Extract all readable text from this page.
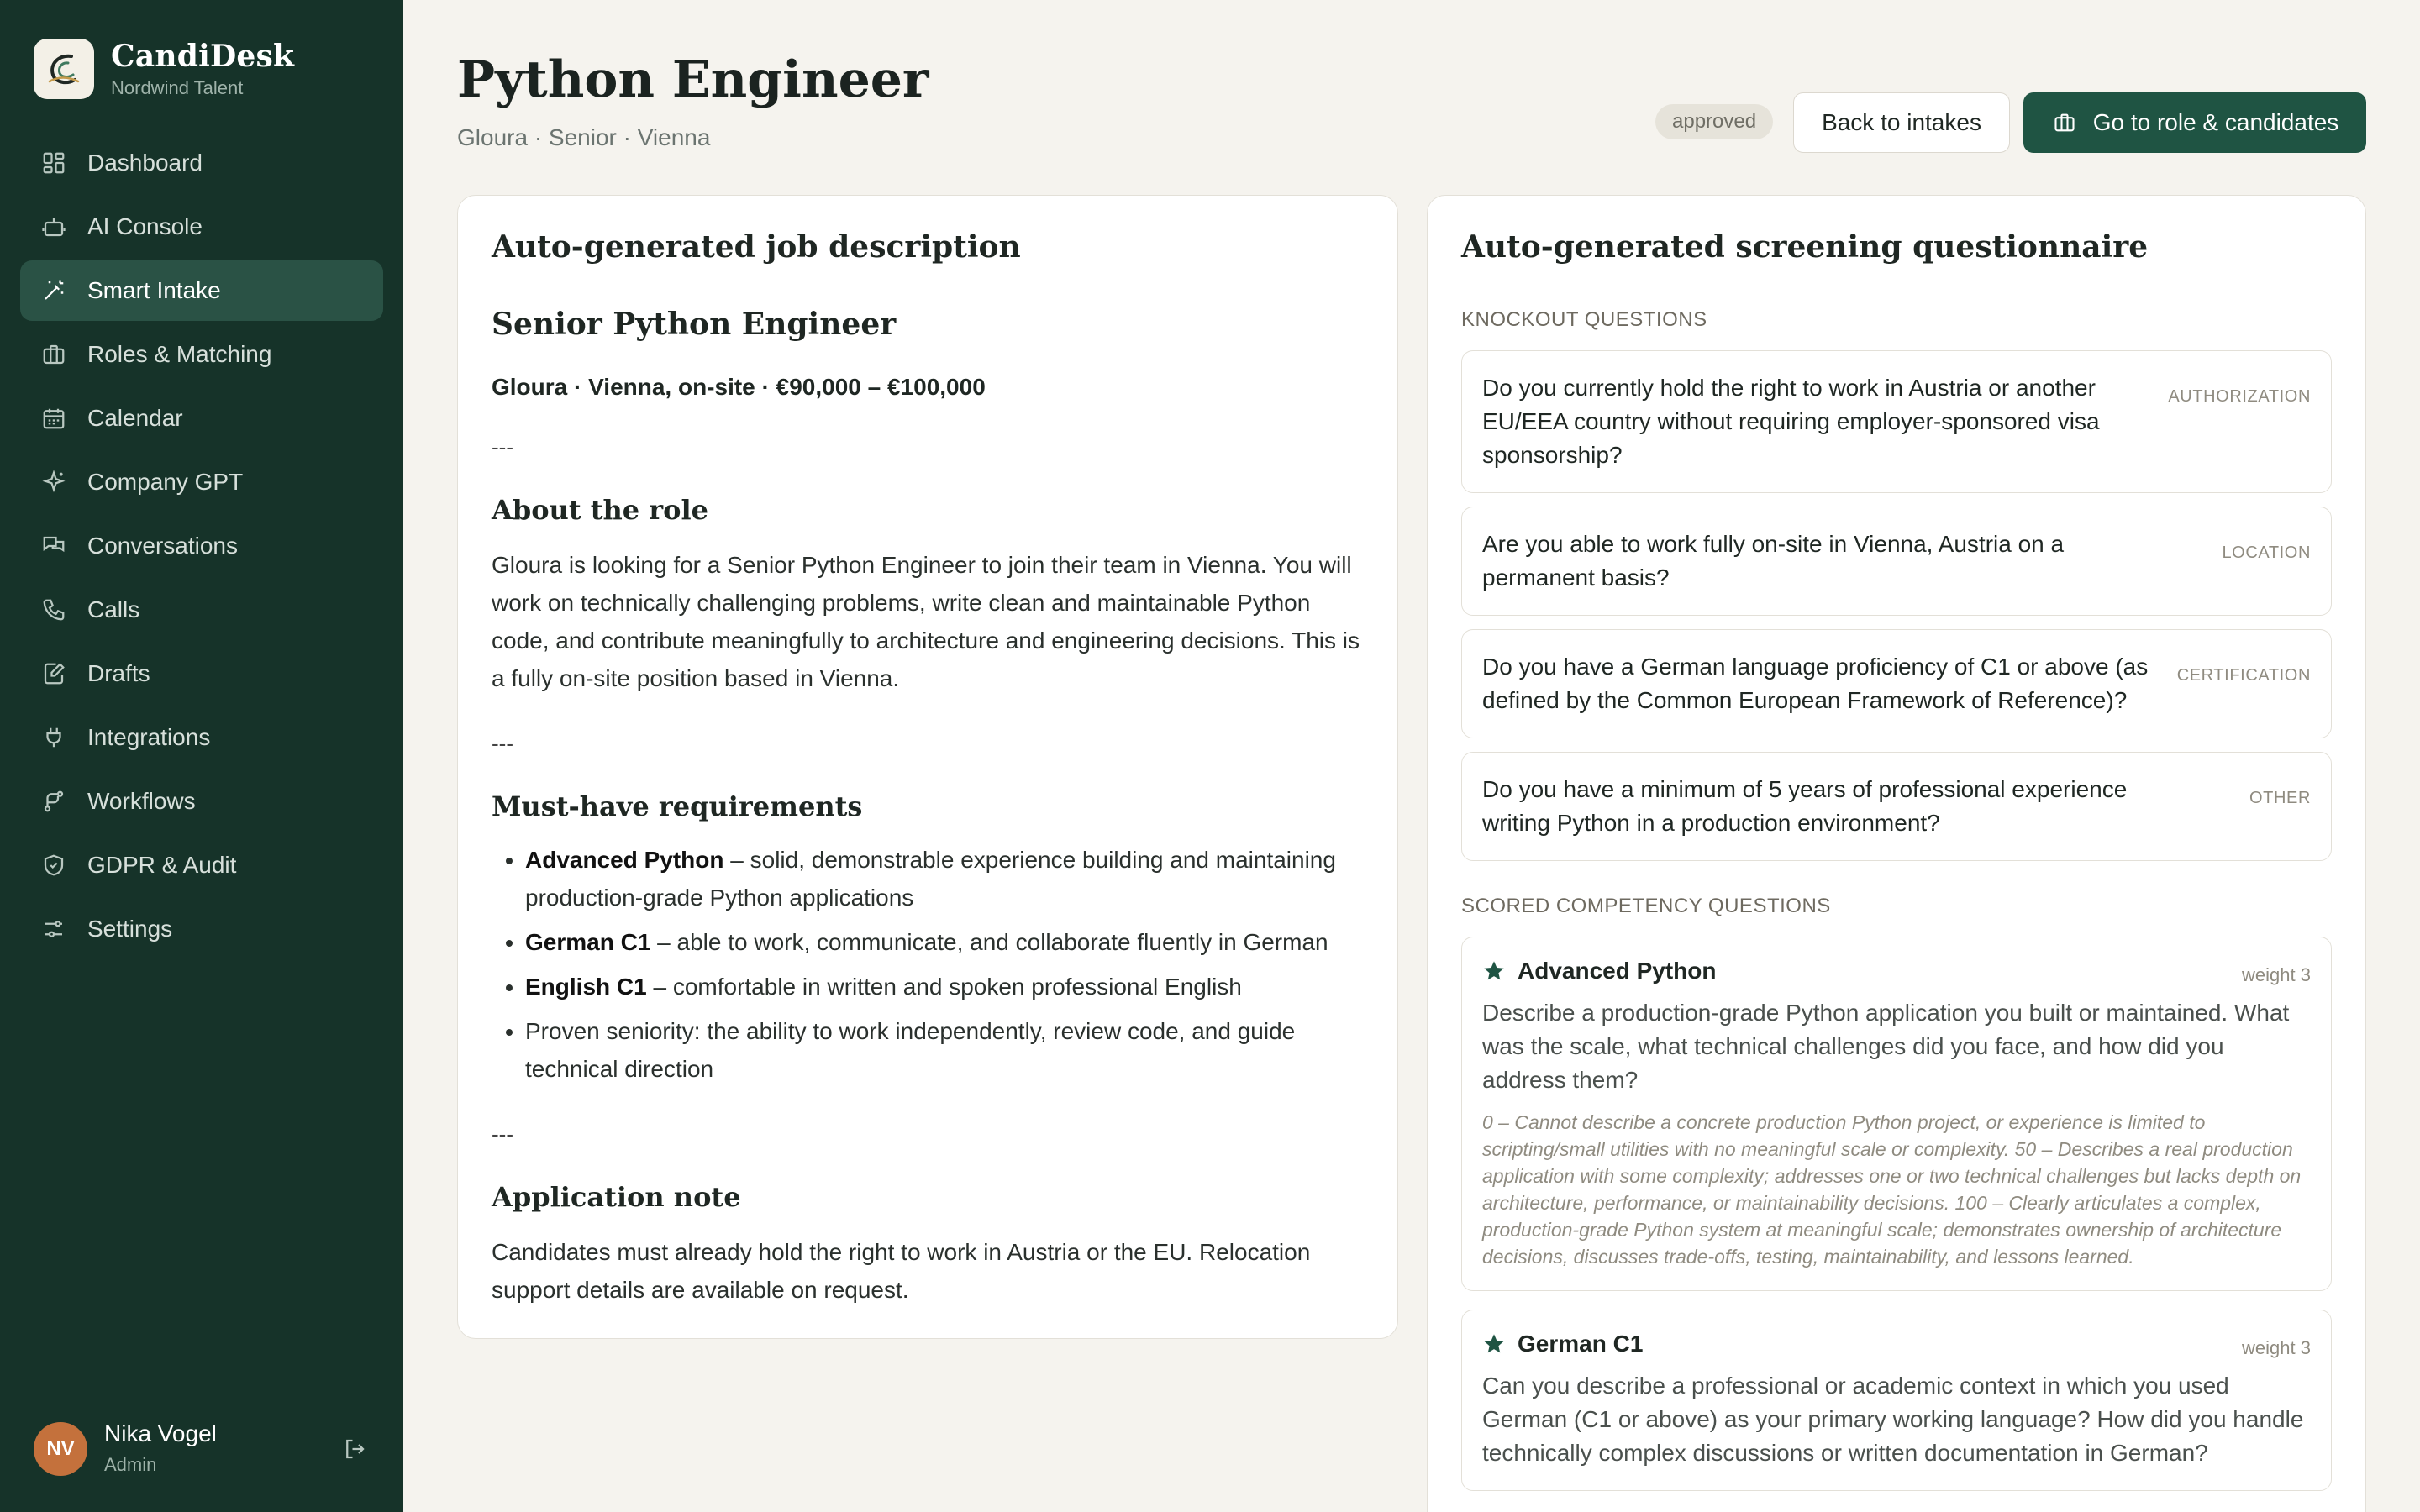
CandiDesk
Nordwind Talent
Dashboard
AI Console
Smart Intake
Roles & Matching
Calendar
Company GPT
Conversations
Calls
Drafts
Integrations
Workflows
GDPR & Audit
Settings
NV
Nika Vogel
Admin
Python Engineer
Gloura · Senior · Vienna
approved	Back to intakes	Go to role & candidates
Auto-generated job description
Senior Python Engineer
Gloura · Vienna, on-site · €90,000 – €100,000
---
About the role

Gloura is looking for a Senior Python Engineer to join their team in Vienna. You will work on technically challenging problems, write clean and maintainable Python code, and contribute meaningfully to architecture and engineering decisions. This is a fully on-site position based in Vienna.

---
Must-have requirements
• Advanced Python – solid, demonstrable experience building and maintaining production-grade Python applications
• German C1 – able to work, communicate, and collaborate fluently in German
• English C1 – comfortable in written and spoken professional English
• Proven seniority: the ability to work independently, review code, and guide technical direction
---
Application note

Candidates must already hold the right to work in Austria or the EU. Relocation support details are available on request.

Auto-generated screening questionnaire
KNOCKOUT QUESTIONS
Do you currently hold the right to work in Austria or another EU/EEA country without requiring employer-sponsored visa sponsorship?
AUTHORIZATION
Are you able to work fully on-site in Vienna, Austria on a permanent basis?
LOCATION
Do you have a German language proficiency of C1 or above (as defined by the Common European Framework of Reference)?
CERTIFICATION
Do you have a minimum of 5 years of professional experience writing Python in a production environment?
OTHER
SCORED COMPETENCY QUESTIONS
Advanced Python	weight 3
Describe a production-grade Python application you built or maintained. What was the scale, what technical challenges did you face, and how did you address them?
0 – Cannot describe a concrete production Python project, or experience is limited to scripting/small utilities with no meaningful scale or complexity. 50 – Describes a real production application with some complexity; addresses one or two technical challenges but lacks depth on architecture, performance, or maintainability decisions. 100 – Clearly articulates a complex, production-grade Python system at meaningful scale; demonstrates ownership of architecture decisions, discusses trade-offs, testing, maintainability, and lessons learned.
German C1	weight 3
Can you describe a professional or academic context in which you used German (C1 or above) as your primary working language? How did you handle technically complex discussions or written documentation in German?
